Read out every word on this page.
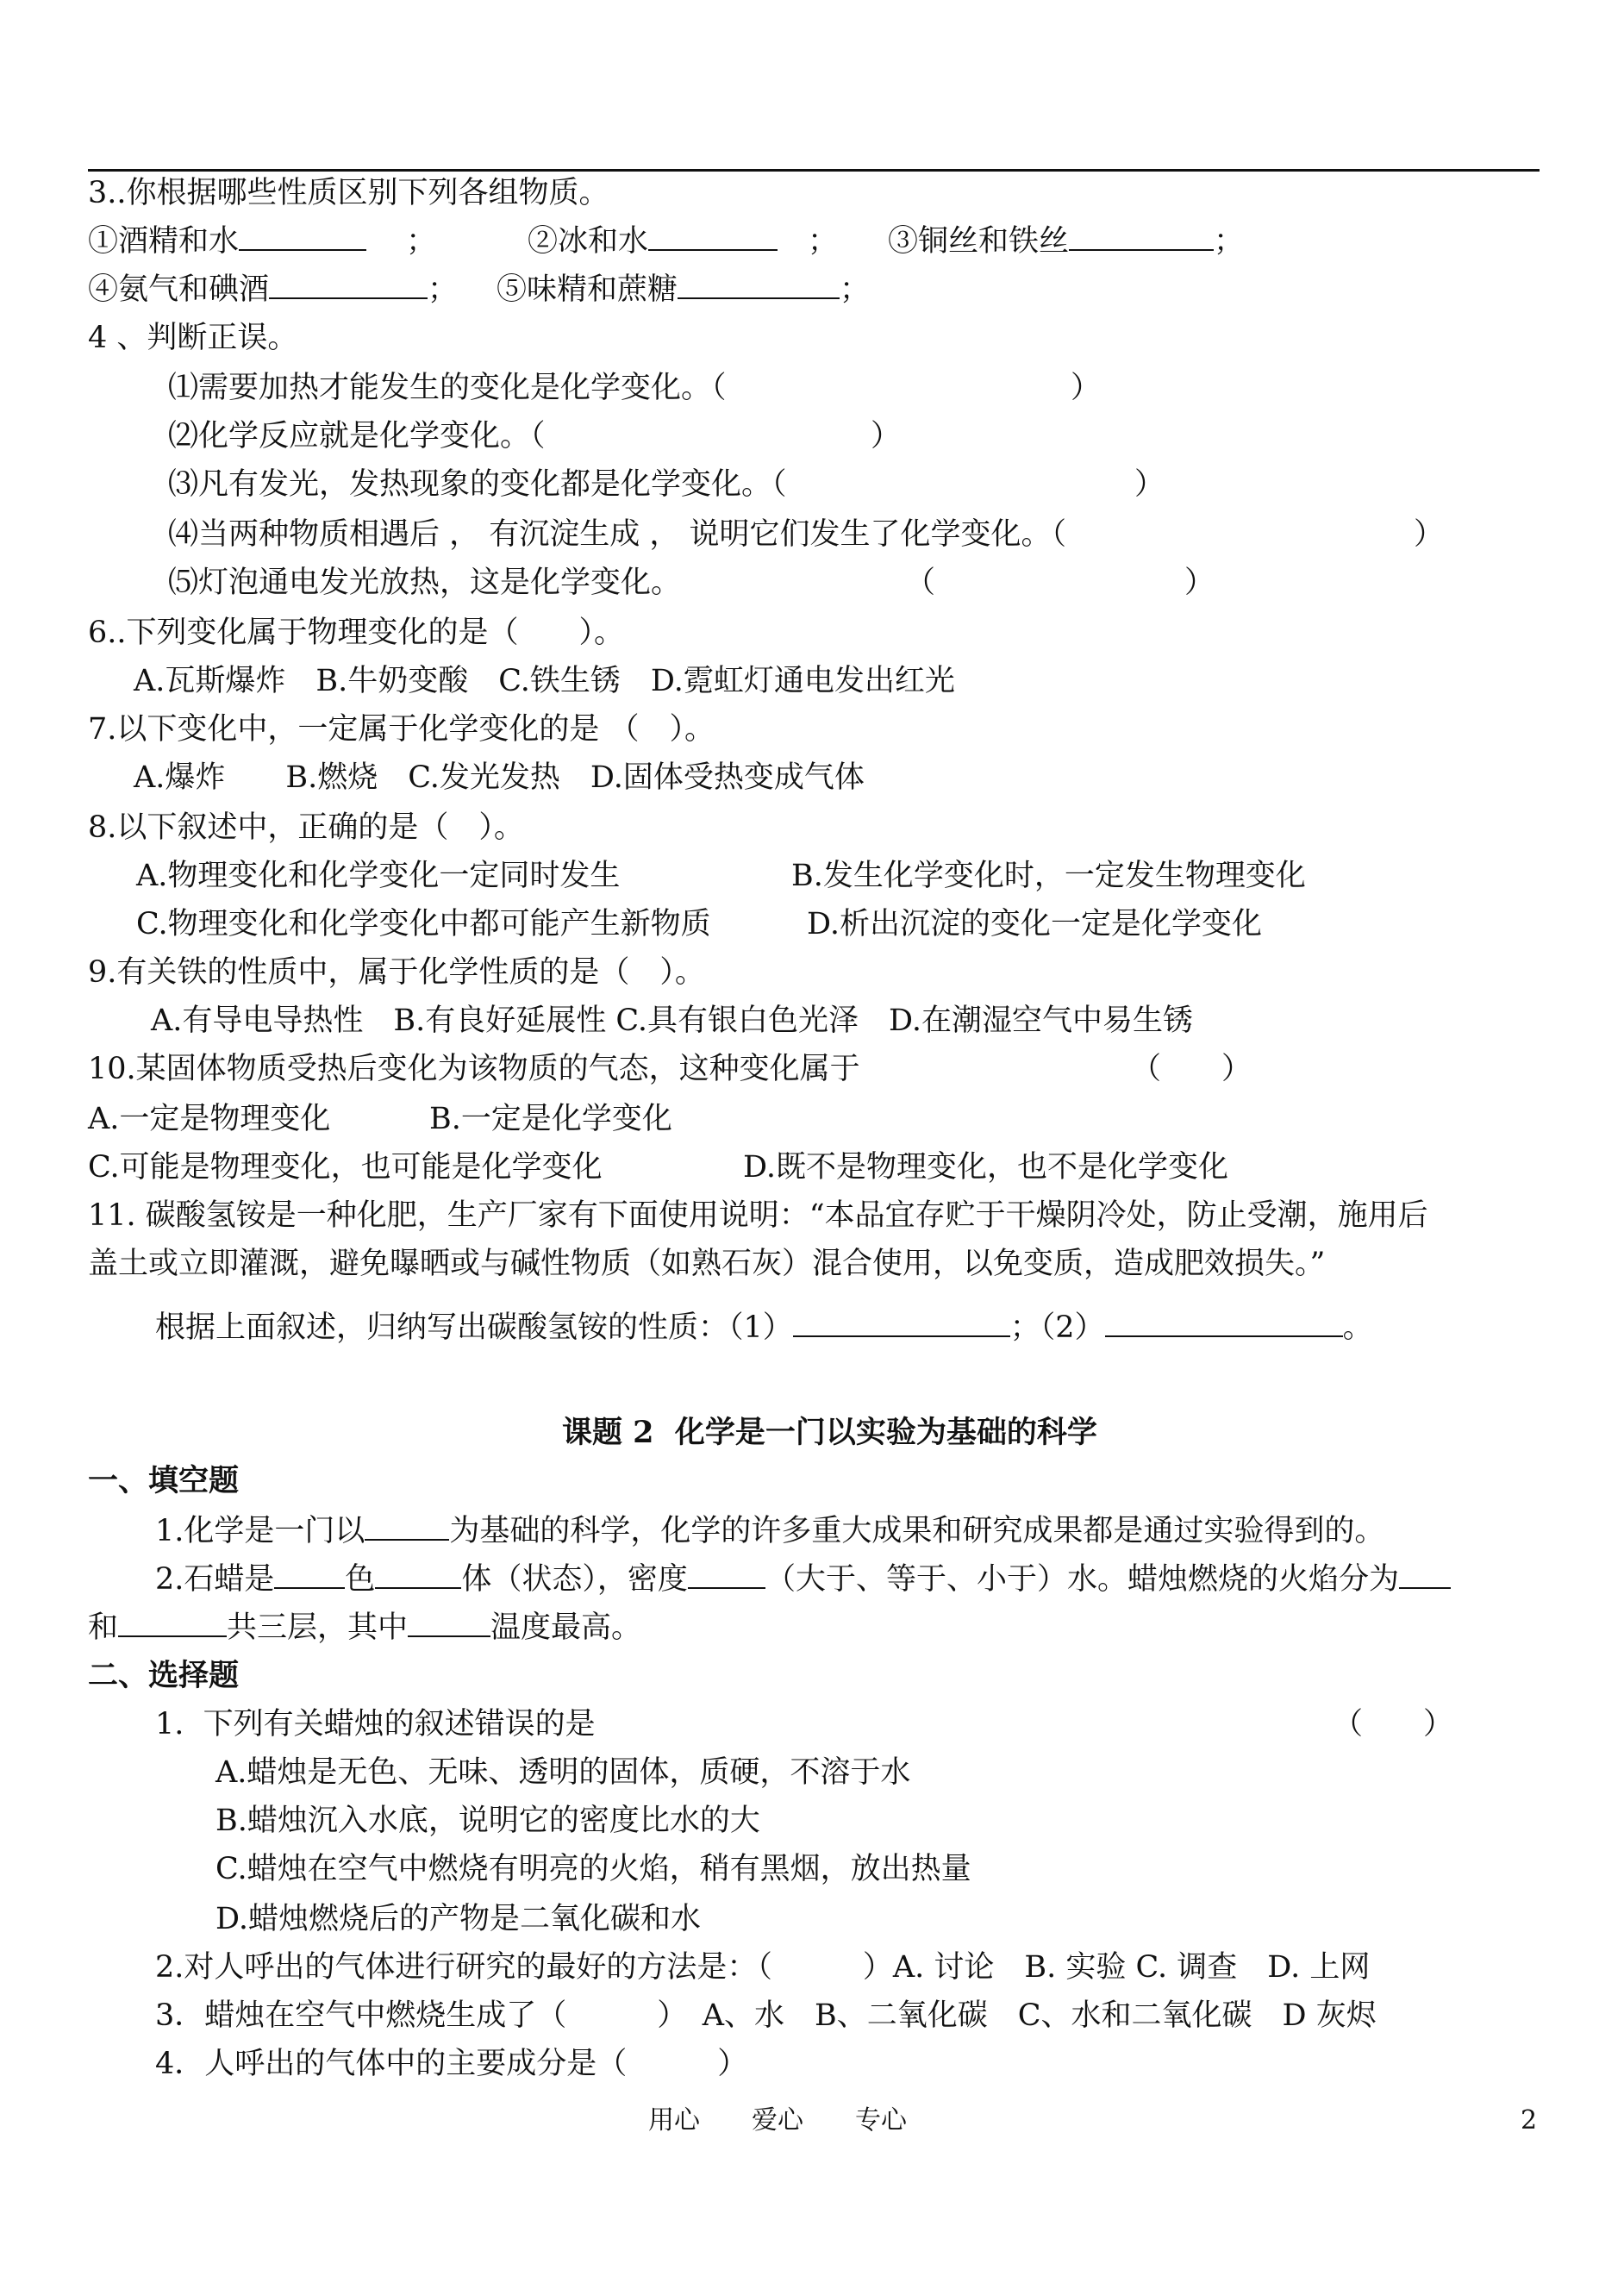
3..你根据哪些性质区别下列各组物质。
①酒精和水　	；	②冰和水　	； ③铜丝和铁丝	；
④氨气和碘酒	； ⑤味精和蔗糖	；
4 、判断正误。
⑴需要加热才能发生的变化是化学变化。（	）
⑵化学反应就是化学变化。（	）
⑶凡有发光，发热现象的变化都是化学变化。（	）
⑷当两种物质相遇后 ， 有沉淀生成 ， 说明它们发生了化学变化。（	）
⑸灯泡通电发光放热，这是化学变化。	（	）
6..下列变化属于物理变化的是（　　）。
A.瓦斯爆炸　B.牛奶变酸　C.铁生锈　D.霓虹灯通电发出红光
7.以下变化中，一定属于化学变化的是 （　）。
A.爆炸　　B.燃烧　C.发光发热　D.固体受热变成气体
8.以下叙述中，正确的是（　）。
A.物理变化和化学变化一定同时发生	B.发生化学变化时，一定发生物理变化
C.物理变化和化学变化中都可能产生新物质	D.析出沉淀的变化一定是化学变化
9.有关铁的性质中，属于化学性质的是（　）。
A.有导电导热性　B.有良好延展性 C.具有银白色光泽　D.在潮湿空气中易生锈
10.某固体物质受热后变化为该物质的气态，这种变化属于	（　　）
A.一定是物理变化	B.一定是化学变化
C.可能是物理变化，也可能是化学变化	D.既不是物理变化，也不是化学变化
11. 碳酸氢铵是一种化肥，生产厂家有下面使用说明：“本品宜存贮于干燥阴冷处，防止受潮，施用后
盖土或立即灌溉，避免曝晒或与碱性物质（如熟石灰）混合使用，以免变质，造成肥效损失。”
根据上面叙述，归纳写出碳酸氢铵的性质：（1）	；（2）	。
课题 2  化学是一门以实验为基础的科学
一、填空题
1.化学是一门以	为基础的科学，化学的许多重大成果和研究成果都是通过实验得到的。
2.石蜡是 色	体（状态），密度	（大于、等于、小于）水。蜡烛燃烧的火焰分为
和	共三层，其中	温度最高。
二、选择题
1.  下列有关蜡烛的叙述错误的是	（　　）
A.蜡烛是无色、无味、透明的固体，质硬，不溶于水
B.蜡烛沉入水底，说明它的密度比水的大
C.蜡烛在空气中燃烧有明亮的火焰，稍有黑烟，放出热量
D.蜡烛燃烧后的产物是二氧化碳和水
2.对人呼出的气体进行研究的最好的方法是：（　　　）A. 讨论　B. 实验 C. 调查　D. 上网
3．蜡烛在空气中燃烧生成了（　　　）　A、水　B、二氧化碳　C、水和二氧化碳　D 灰烬
4．人呼出的气体中的主要成分是（　　　）
用心　　爱心　　专心	2
